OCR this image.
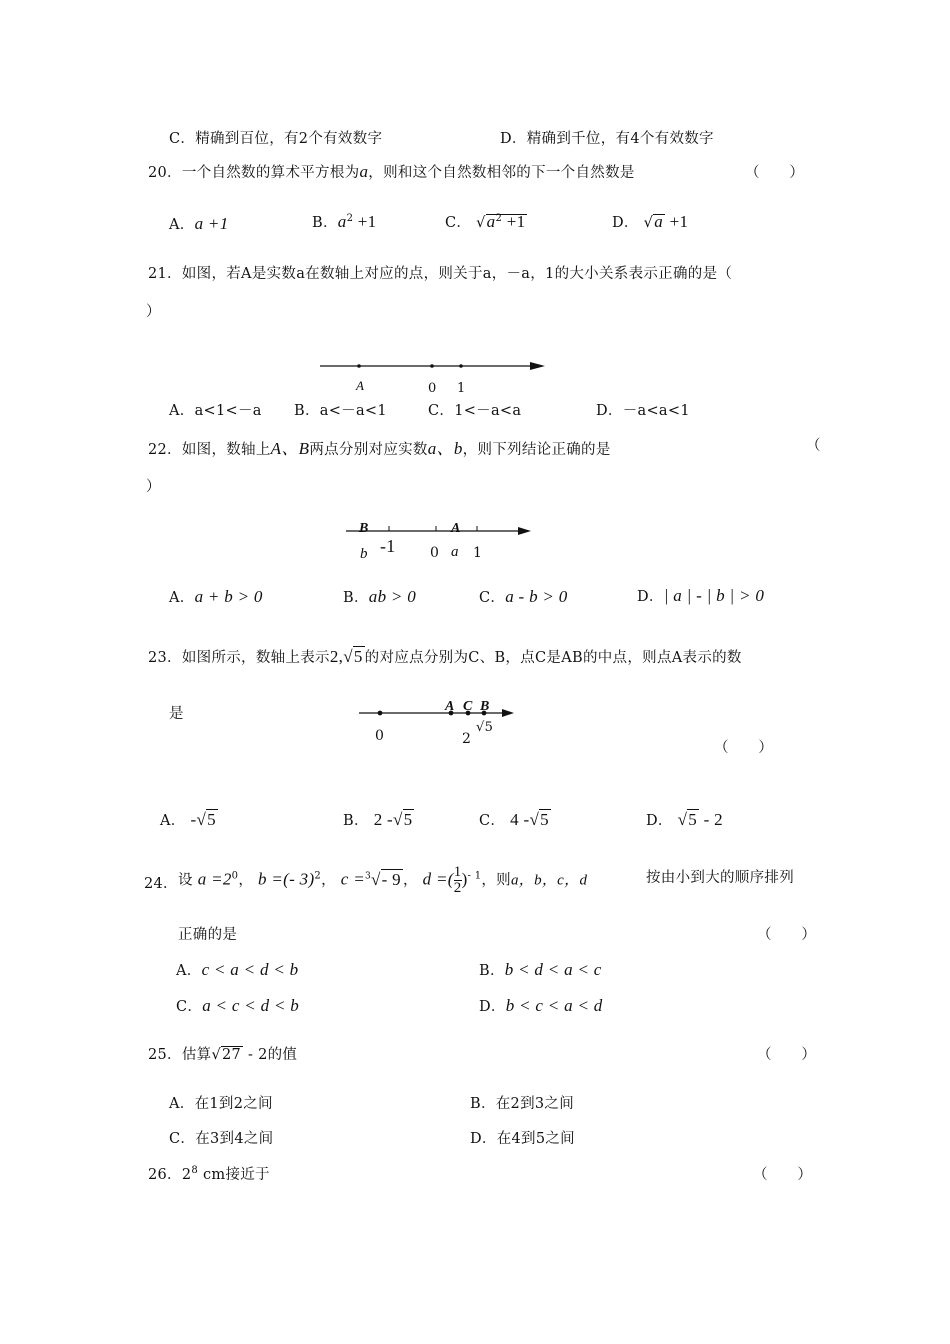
C．精确到百位，有2个有效数字	D．精确到千位，有4个有效数字
20．一个自然数的算术平方根为a，则和这个自然数相邻的下一个自然数是	（　　）
A．a +1	B．$a^2 +1$	C． $√a^2 +1$	D． √a +1
21．如图，若A是实数a在数轴上对应的点，则关于a，－a，1的大小关系表示正确的是（
）
A	0 1
A．a<1<－a B．a<－a<1	C．1<－a<a	D．－a<a<1
22．如图，数轴上A、B两点分别对应实数a、b，则下列结论正确的是	（
）
B	A
b -1 0 a 1
A．a + b > 0	B．ab > 0	C．a - b > 0	D．| a | - | b | > 0
23．如图所示，数轴上表示2,√5 的对应点分别为C、B，点C是AB的中点，则点A表示的数
是	A C B
0	2
√5
（　　）
A． -√5	B． 2 -√5	C． 4 -√5	D． √5 - 2
24． 设 $a =2^0$， b =(- 3)$^2$， c =$^3$√- 9 ， d =( $\frac{1}{2} )^{- 1}$，则a，b，c，d	按由小到大的顺序排列
正确的是	（　　）
A．c < a < d < b	B．b < d < a < c
C．a < c < d < b	D．b < c < a < d
25．估算√27 - 2的值	（　　）
A．在1到2之间	B．在2到3之间
C．在3到4之间	D．在4到5之间
26．$2^8$ cm接近于	（　　）
